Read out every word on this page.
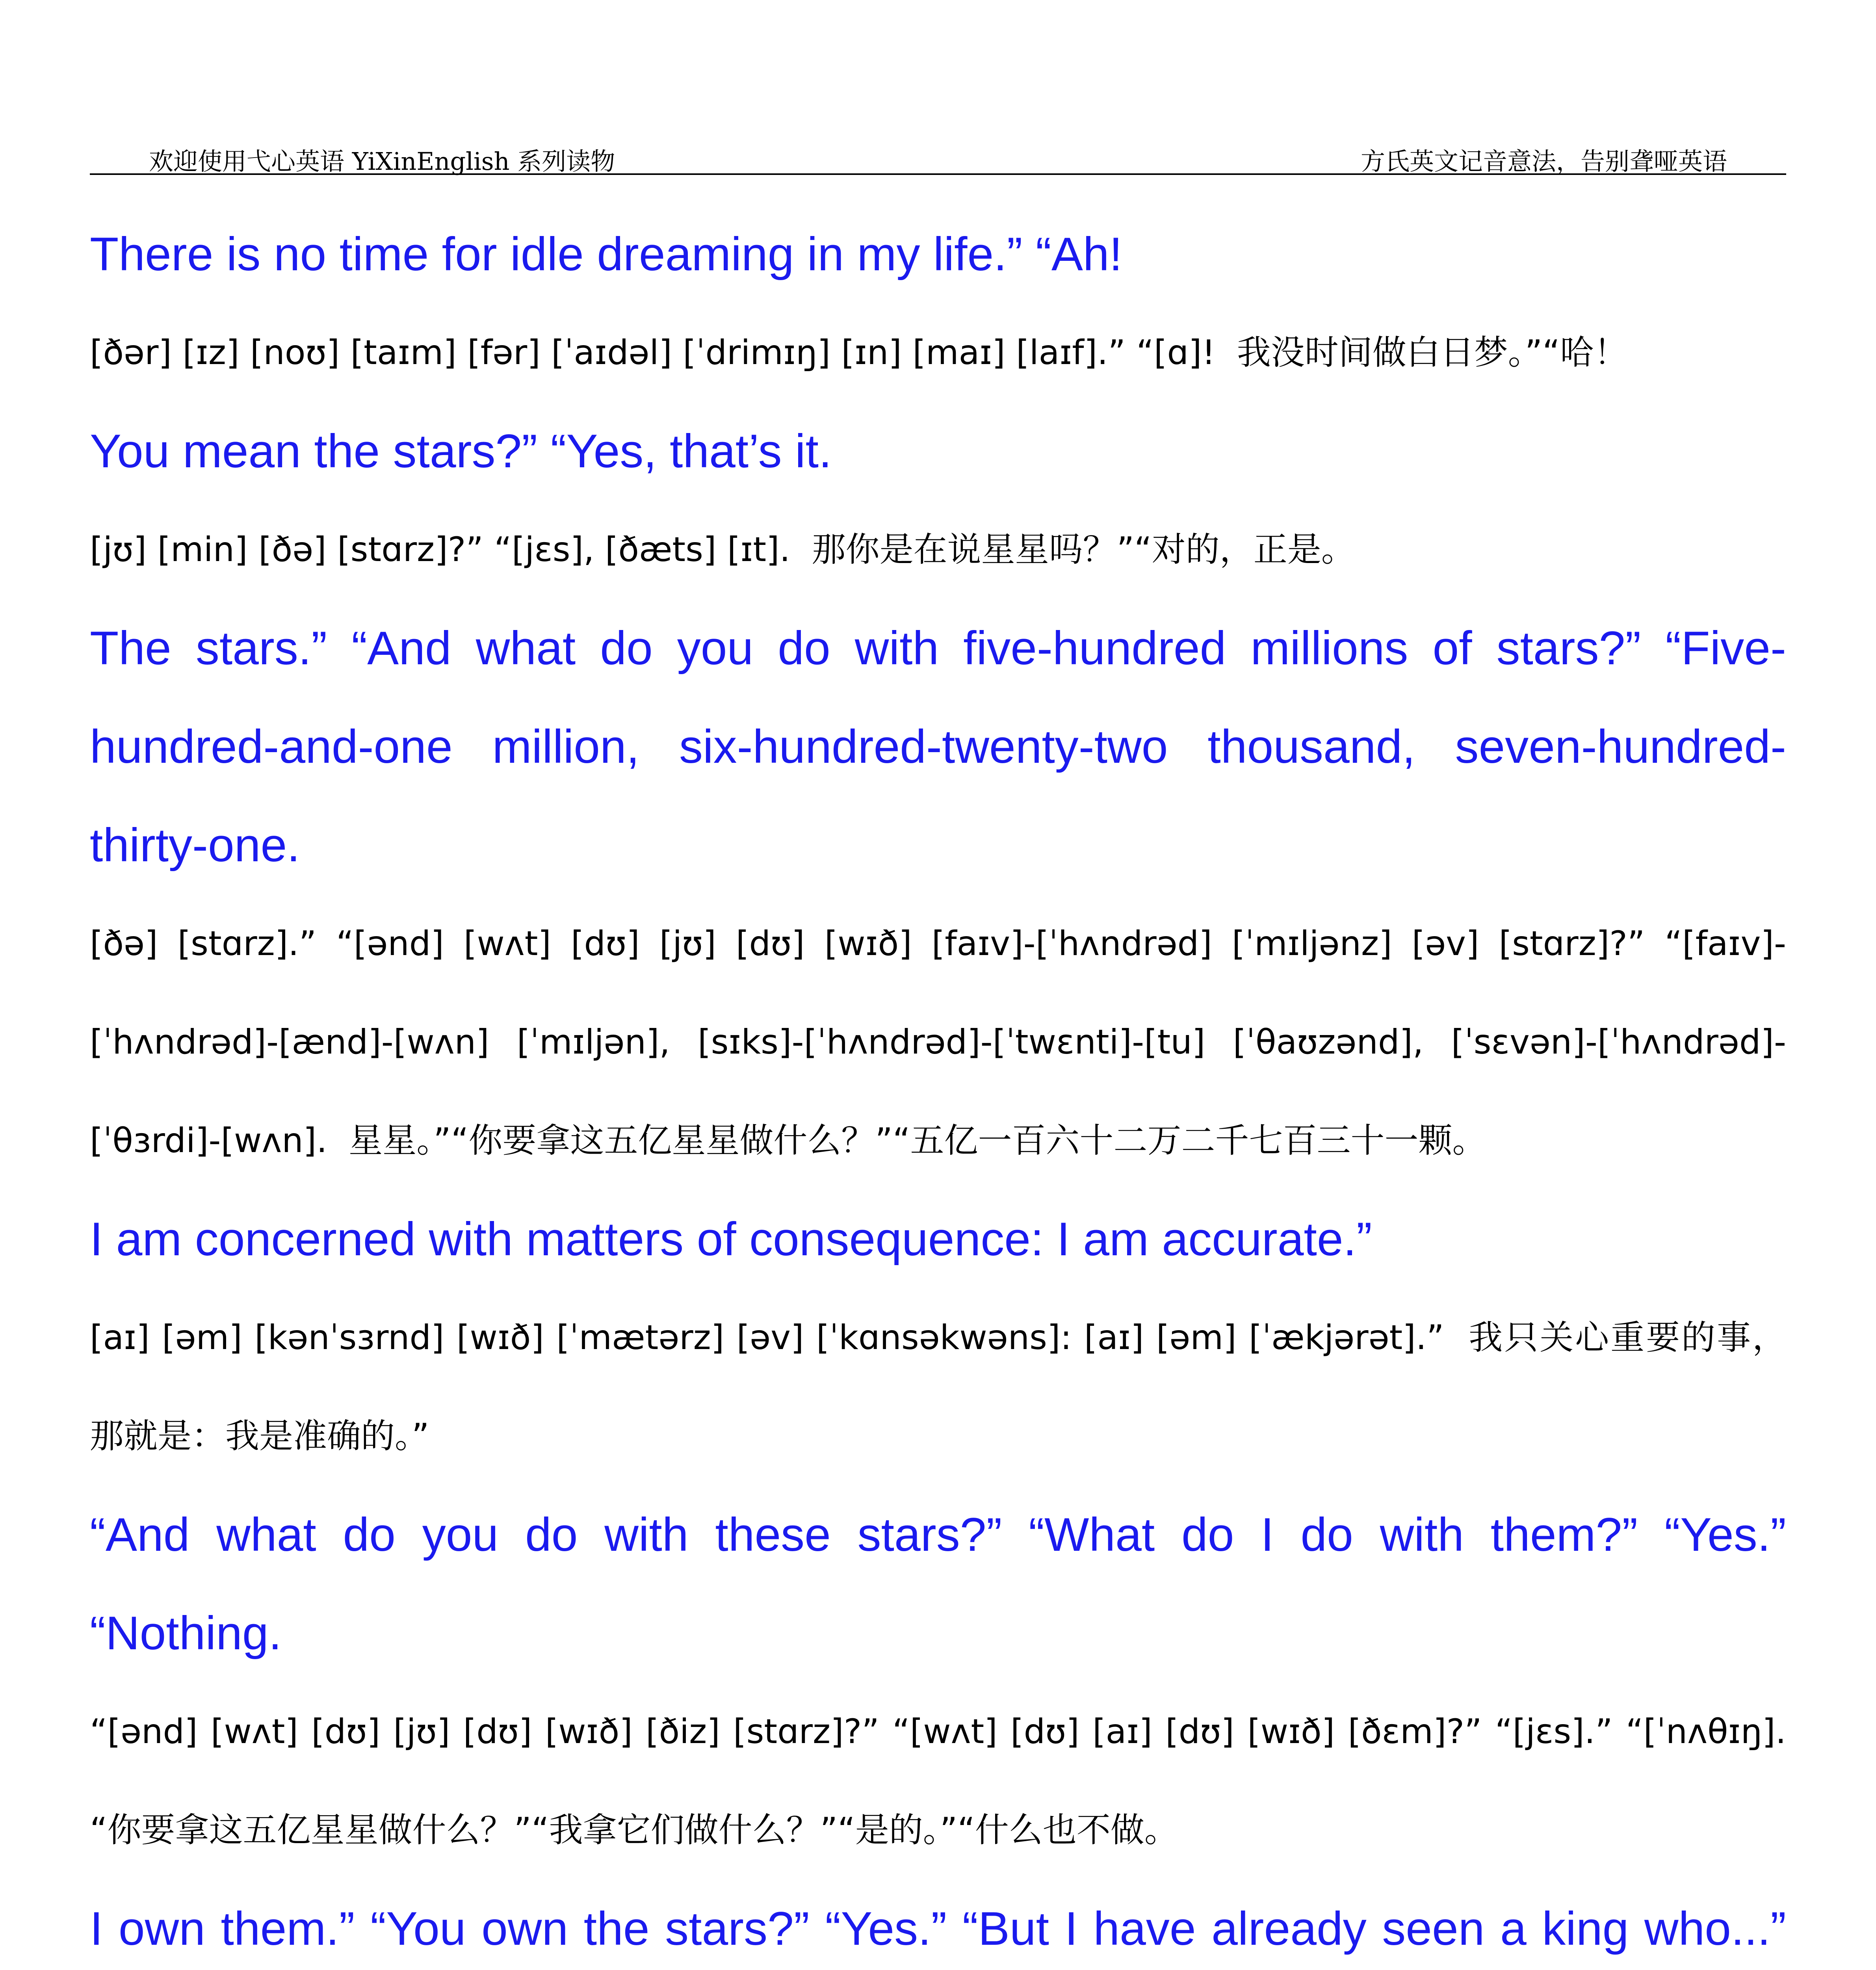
欢迎使用弋心英语 YiXinEnglish 系列读物	方氏英文记音意法，告别聋哑英语

There is no time for idle dreaming in my life.” “Ah!

[ðər] [ɪz] [noʊ] [taɪm] [fər] [ˈaɪdəl] [ˈdrimɪŋ] [ɪn] [maɪ] [laɪf].” “[ɑ]!  我没时间做白日梦。”“哈！

You mean the stars?” “Yes, that’s it.

[jʊ] [min] [ðə] [stɑrz]?” “[jɛs], [ðæts] [ɪt].  那你是在说星星吗？”“对的，正是。

The stars.” “And what do you do with five-hundred millions of stars?” “Five-hundred-and-one million, six-hundred-twenty-two thousand, seven-hundred-thirty-one.

[ðə] [stɑrz].” “[ənd] [wʌt] [dʊ] [jʊ] [dʊ] [wɪð] [faɪv]-[ˈhʌndrəd] [ˈmɪljənz] [əv] [stɑrz]?” “[faɪv]-[ˈhʌndrəd]-[ænd]-[wʌn] [ˈmɪljən], [sɪks]-[ˈhʌndrəd]-[ˈtwɛnti]-[tu] [ˈθaʊzənd], [ˈsɛvən]-[ˈhʌndrəd]-[ˈθɜrdi]-[wʌn].  星星。”“你要拿这五亿星星做什么？”“五亿一百六十二万二千七百三十一颗。

I am concerned with matters of consequence: I am accurate.”

[aɪ] [əm] [kənˈsɜrnd] [wɪð] [ˈmætərz] [əv] [ˈkɑnsəkwəns]: [aɪ] [əm] [ˈækjərət].”  我只关心重要的事，那就是：我是准确的。”

“And what do you do with these stars?” “What do I do with them?” “Yes.” “Nothing.

“[ənd] [wʌt] [dʊ] [jʊ] [dʊ] [wɪð] [ðiz] [stɑrz]?” “[wʌt] [dʊ] [aɪ] [dʊ] [wɪð] [ðɛm]?” “[jɛs].” “[ˈnʌθɪŋ]. “你要拿这五亿星星做什么？”“我拿它们做什么？”“是的。”“什么也不做。

I own them.” “You own the stars?” “Yes.” “But I have already seen a king who...”
